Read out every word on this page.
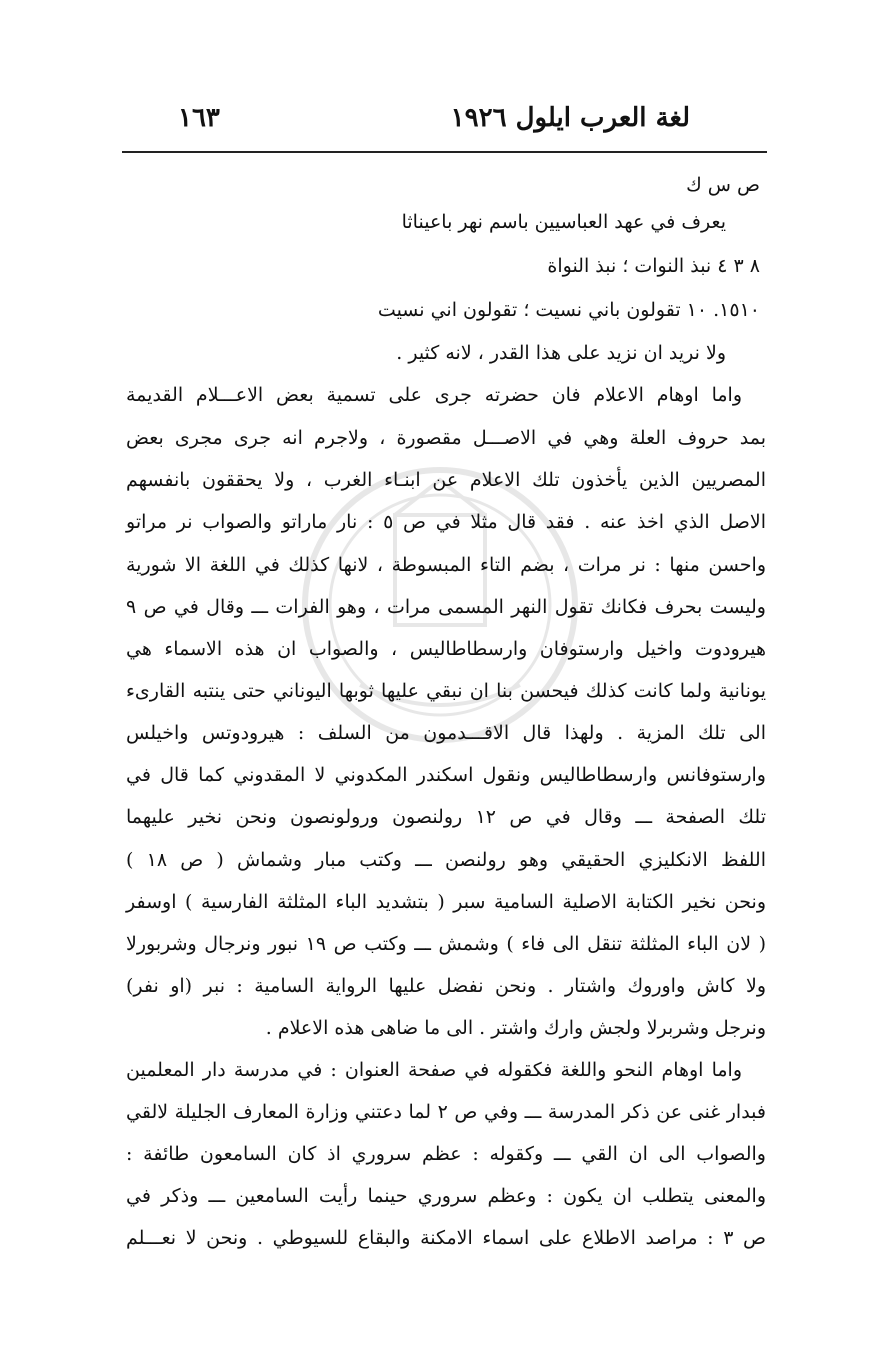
لغة العرب ايلول ١٩٢٦
١٦٣
ص س ك
يعرف في عهد العباسيين باسم نهر باعيناثا
٨ ٣ ٤ نبذ النوات ؛ نبذ النواة
١٥١٠. ١٠ تقولون باني نسيت ؛ تقولون اني نسيت
ولا نريد ان نزيد على هذا القدر ، لانه كثير .
واما اوهام الاعلام فان حضرته جرى على تسمية بعض الاعـــلام القديمة
بمد حروف العلة وهي في الاصـــل مقصورة ، ولاجرم انه جرى مجرى بعض
المصريين الذين يأخذون تلك الاعلام عن ابنـاء الغرب ، ولا يحققون بانفسهم
الاصل الذي اخذ عنه . فقد قال مثلا في ص ٥ : نار ماراتو والصواب نر مراتو
واحسن منها : نر مرات ، بضم التاء المبسوطة ، لانها كذلك في اللغة الا شورية
وليست بحرف فكانك تقول النهر المسمى مرات ، وهو الفرات ـــ وقال في ص ٩
هيرودوت واخيل وارستوفان وارسطاطاليس ، والصواب ان هذه الاسماء هي
يونانية ولما كانت كذلك فيحسن بنا ان نبقي عليها ثوبها اليوناني حتى ينتبه القارىء
الى تلك المزية . ولهذا قال الاقـــدمون من السلف : هيرودوتس واخيلس
وارستوفانس وارسطاطاليس ونقول اسكندر المكدوني لا المقدوني كما قال في
تلك الصفحة ـــ وقال في ص ١٢ رولنصون ورولونصون ونحن نخير عليهما
اللفظ الانكليزي الحقيقي وهو رولنصن ـــ وكتب مبار وشماش ( ص ١٨ )
ونحن نخير الكتابة الاصلية السامية سبر ( بتشديد الباء المثلثة الفارسية ) اوسفر
( لان الباء المثلثة تنقل الى فاء ) وشمش ـــ وكتب ص ١٩ نبور ونرجال وشربورلا
ولا كاش واوروك واشتار . ونحن نفضل عليها الرواية السامية : نبر (او نفر)
ونرجل وشربرلا ولجش وارك واشتر . الى ما ضاهى هذه الاعلام .
واما اوهام النحو واللغة فكقوله في صفحة العنوان : في مدرسة دار المعلمين
فبدار غنى عن ذكر المدرسة ـــ وفي ص ٢ لما دعتني وزارة المعارف الجليلة لالقي
والصواب الى ان القي ـــ وكقوله : عظم سروري اذ كان السامعون طائفة :
والمعنى يتطلب ان يكون : وعظم سروري حينما رأيت السامعين ـــ وذكر في
ص ٣ : مراصد الاطلاع على اسماء الامكنة والبقاع للسيوطي . ونحن لا نعـــلم
